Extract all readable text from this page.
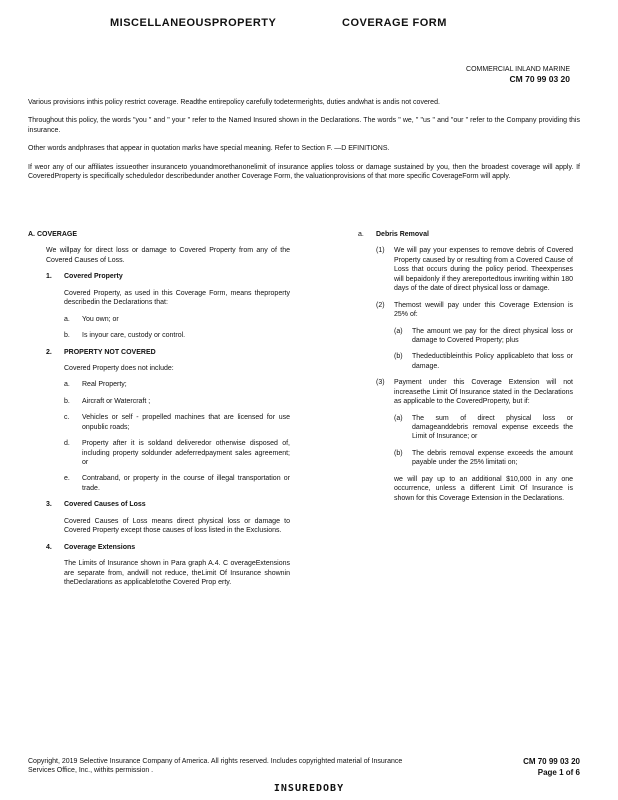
MISCELLANEOUSPROPERTY	COVERAGE FORM
COMMERCIAL INLAND MARINE
CM 70 99 03 20

Various provisions inthis policy restrict coverage. Readthe entirepolicy carefully todetermerights, duties andwhat is andis not covered.

Throughout this policy, the words "you " and " your " refer to the Named Insured shown in the Declarations. The words " we, " "us " and "our " refer to the Company providing this insurance.

Other words andphrases that appear in quotation marks have special meaning. Refer to Section F. —D EFINITIONS.

If weor any of our affiliates issueother insuranceto youandmorethanonelimit of insurance applies toloss or damage sustained by you, then the broadest coverage will apply. If CoveredProperty is specifically scheduledor describedunder another Coverage Form, the valuationprovisions of that more specific CoverageForm will apply.

A. COVERAGE

We willpay for direct loss or damage to Covered Property from any of the Covered Causes of Loss.

1.	Covered Property

Covered Property, as used in this Coverage Form, means theproperty describedin the Declarations that:

a.	You own; or
b.	Is inyour care, custody or control.
2.	PROPERTY NOT COVERED

Covered Property does not include:

a.	Real Property;
b.	Aircraft or Watercraft ;
c.	Vehicles or self - propelled machines that are licensed for use onpublic roads;
d.	Property after it is soldand deliveredor otherwise disposed of, including property soldunder adeferredpayment sales agreement; or
e.	Contraband, or property in the course of illegal transportation or trade.
3.	Covered Causes of Loss

Covered Causes of Loss means direct physical loss or damage to Covered Property except those causes of loss listed in the Exclusions.

4.	Coverage Extensions

The Limits of Insurance shown in Para graph A.4. C overageExtensions are separate from, andwill not reduce, theLimit Of Insurance shownin theDeclarations as applicabletothe Covered Prop erty.

a.	Debris Removal
(1)	We will pay your expenses to remove debris of Covered Property caused by or resulting from a Covered Cause of Loss that occurs during the policy period. Theexpenses will bepaidonly if they arereportedtous inwriting within 180 days of the date of direct physical loss or damage.
(2)	Themost wewill pay under this Coverage Extension is 25% of:
(a)	The amount we pay for the direct physical loss or damage to Covered Property; plus
(b)	Thedeductibleinthis Policy applicableto that loss or damage.
(3)	Payment under this Coverage Extension will not increasethe Limit Of Insurance stated in the Declarations as applicable to the CoveredProperty, but if:
(a)	The sum of direct physical loss or damageanddebris removal expense exceeds the Limit of Insurance; or
(b)	The debris removal expense exceeds the amount payable under the 25% limitati on;

we will pay up to an additional $10,000 in any one occurrence, unless a different Limit Of Insurance is shown for this Coverage Extension in the Declarations.

Copyright, 2019 Selective Insurance Company of America. All rights reserved. Includes copyrighted material of Insurance Services Office, Inc., withits permission .
CM 70 99 03 20
Page 1 of 6
INSUREDOBY
